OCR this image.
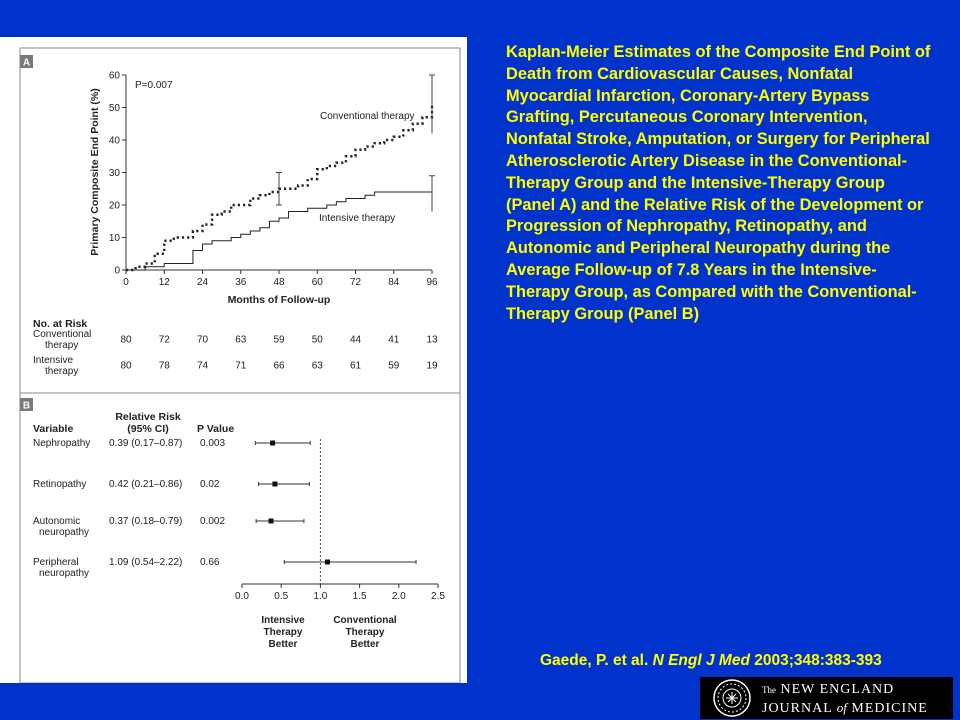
A
B
0
10
20
30
40
50
60
0	12	24	36	48	60	72	84	96
Primary Composite End Point (%)
Months of Follow-up
P=0.007
Conventional therapy
Intensive therapy
No. at Risk
Conventional
therapy
Intensive
therapy
80	72	70	63	59	50	44	41	13
80	78	74	71	66	63	61	59	19
Variable
Relative Risk
(95% CI)	P Value
Nephropathy 0.39 (0.17–0.87) 0.003
Retinopathy 0.42 (0.21–0.86) 0.02
Autonomic
neuropathy
0.37 (0.18–0.79) 0.002
Peripheral
neuropathy
1.09 (0.54–2.22) 0.66
0.0	0.5	1.0	1.5	2.0	2.5
Intensive
Therapy
Better
Conventional
Therapy
Better

Kaplan-Meier Estimates of the Composite End Point of Death from Cardiovascular Causes, Nonfatal Myocardial Infarction, Coronary-Artery Bypass Grafting, Percutaneous Coronary Intervention, Nonfatal Stroke, Amputation, or Surgery for Peripheral Atherosclerotic Artery Disease in the Conventional-Therapy Group and the Intensive-Therapy Group (Panel A) and the Relative Risk of the Development or Progression of Nephropathy, Retinopathy, and Autonomic and Peripheral Neuropathy during the Average Follow-up of 7.8 Years in the Intensive-Therapy Group, as Compared with the Conventional-Therapy Group (Panel B)

Gaede, P. et al. N Engl J Med 2003;348:383-393
The NEW ENGLAND
JOURNAL of MEDICINE
